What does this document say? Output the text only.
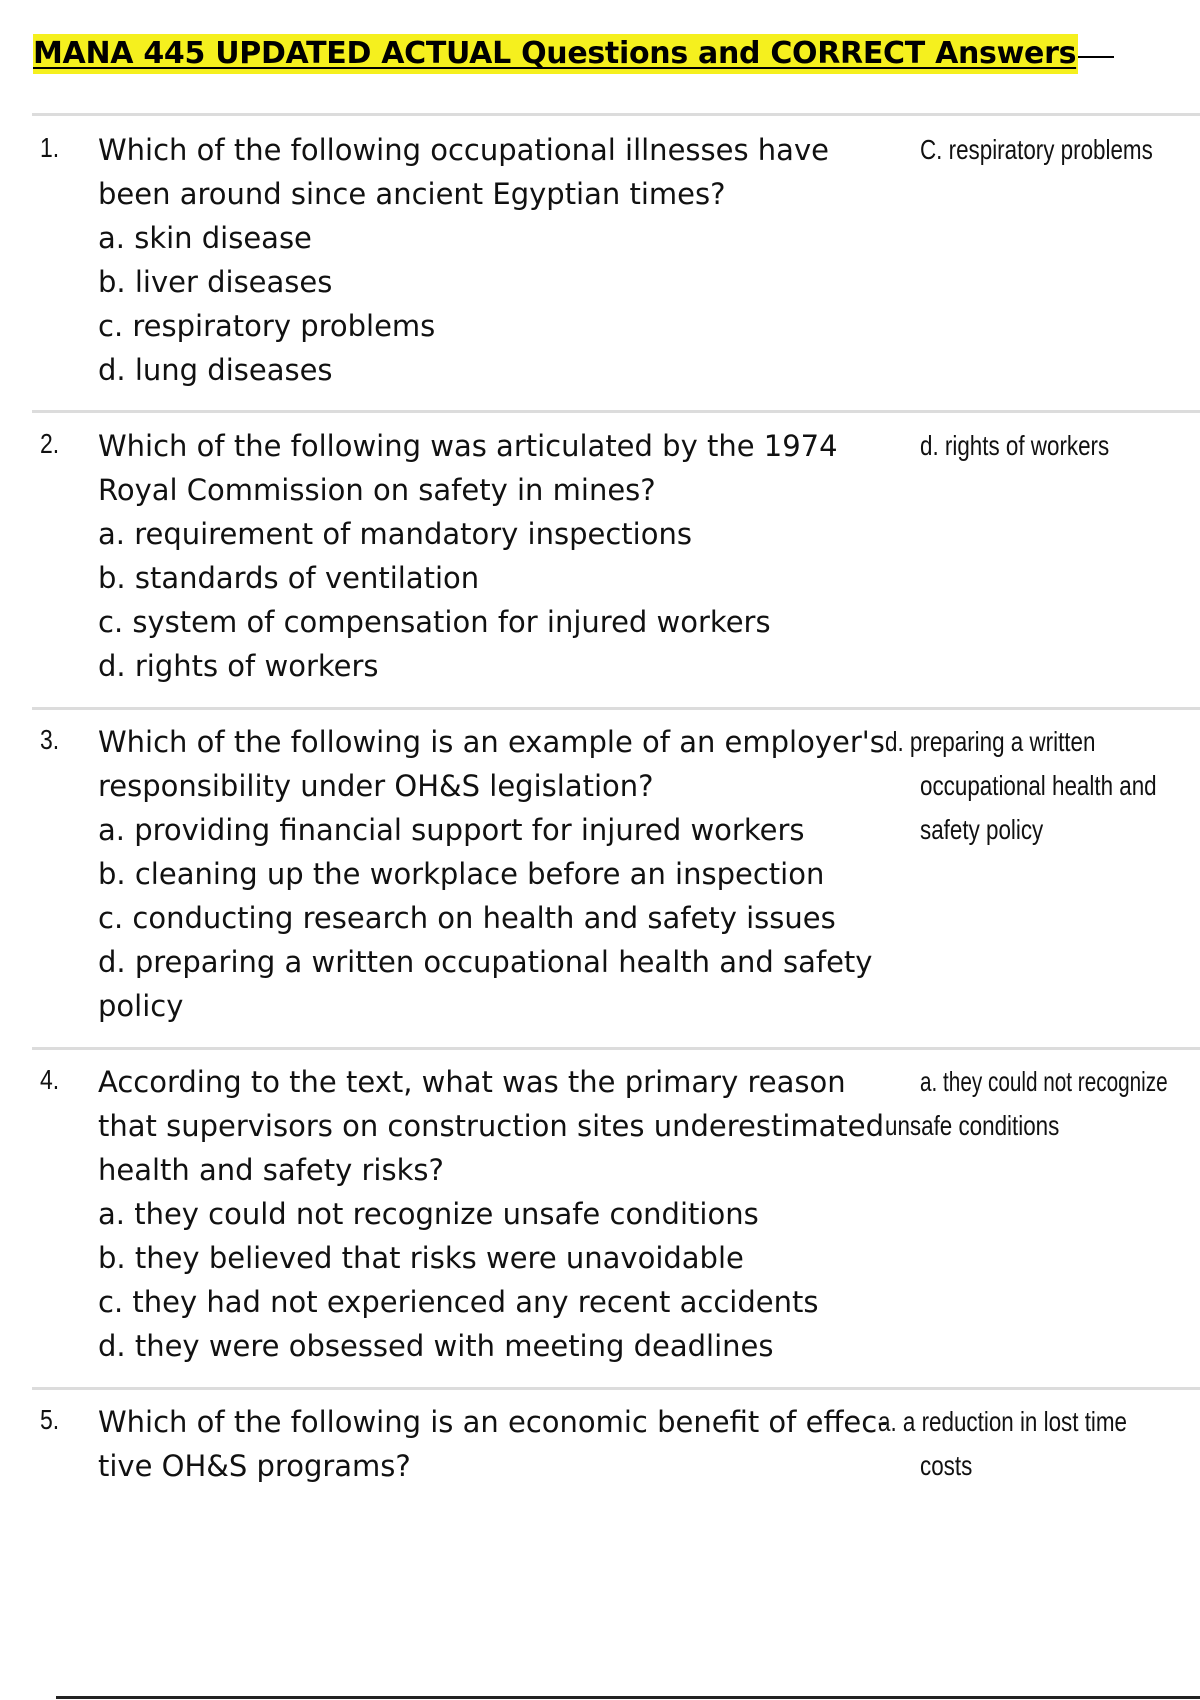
MANA 445 UPDATED ACTUAL Questions and CORRECT Answers
1. Which of the following occupational illnesses have
been around since ancient Egyptian times?
a. skin disease
b. liver diseases
c. respiratory problems
d. lung diseases
C. respiratory problems
2. Which of the following was articulated by the 1974
Royal Commission on safety in mines?
a. requirement of mandatory inspections
b. standards of ventilation
c. system of compensation for injured workers
d. rights of workers
d. rights of workers
3. Which of the following is an example of an employer's
responsibility under OH&S legislation?
a. providing financial support for injured workers
b. cleaning up the workplace before an inspection
c. conducting research on health and safety issues
d. preparing a written occupational health and safety
policy
d. preparing a written
occupational health and
safety policy
4. According to the text, what was the primary reason
that supervisors on construction sites underestimated
health and safety risks?
a. they could not recognize unsafe conditions
b. they believed that risks were unavoidable
c. they had not experienced any recent accidents
d. they were obsessed with meeting deadlines
a. they could not recognize
unsafe conditions
5. Which of the following is an economic benefit of effec-
tive OH&S programs?
a. a reduction in lost time
costs
